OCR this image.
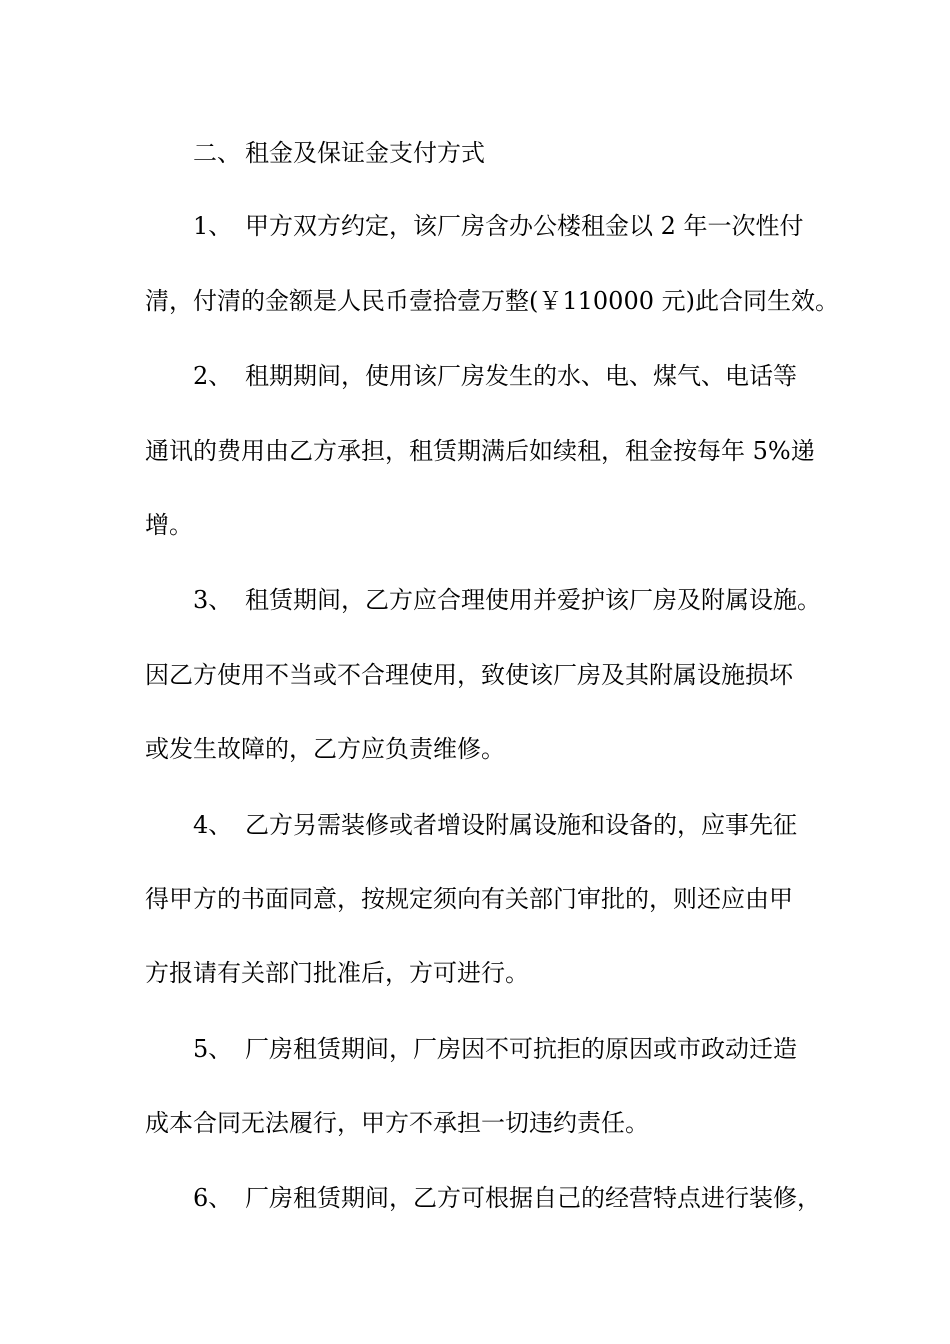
二、 租金及保证金支付方式
1、 甲方双方约定，该厂房含办公楼租金以 2 年一次性付
清，付清的金额是人民币壹拾壹万整(￥110000 元)此合同生效。
2、 租期期间，使用该厂房发生的水、电、煤气、电话等
通讯的费用由乙方承担，租赁期满后如续租，租金按每年 5%递
增。
3、 租赁期间，乙方应合理使用并爱护该厂房及附属设施。
因乙方使用不当或不合理使用，致使该厂房及其附属设施损坏
或发生故障的，乙方应负责维修。
4、 乙方另需装修或者增设附属设施和设备的，应事先征
得甲方的书面同意，按规定须向有关部门审批的，则还应由甲
方报请有关部门批准后，方可进行。
5、 厂房租赁期间，厂房因不可抗拒的原因或市政动迁造
成本合同无法履行，甲方不承担一切违约责任。
6、 厂房租赁期间，乙方可根据自己的经营特点进行装修，
